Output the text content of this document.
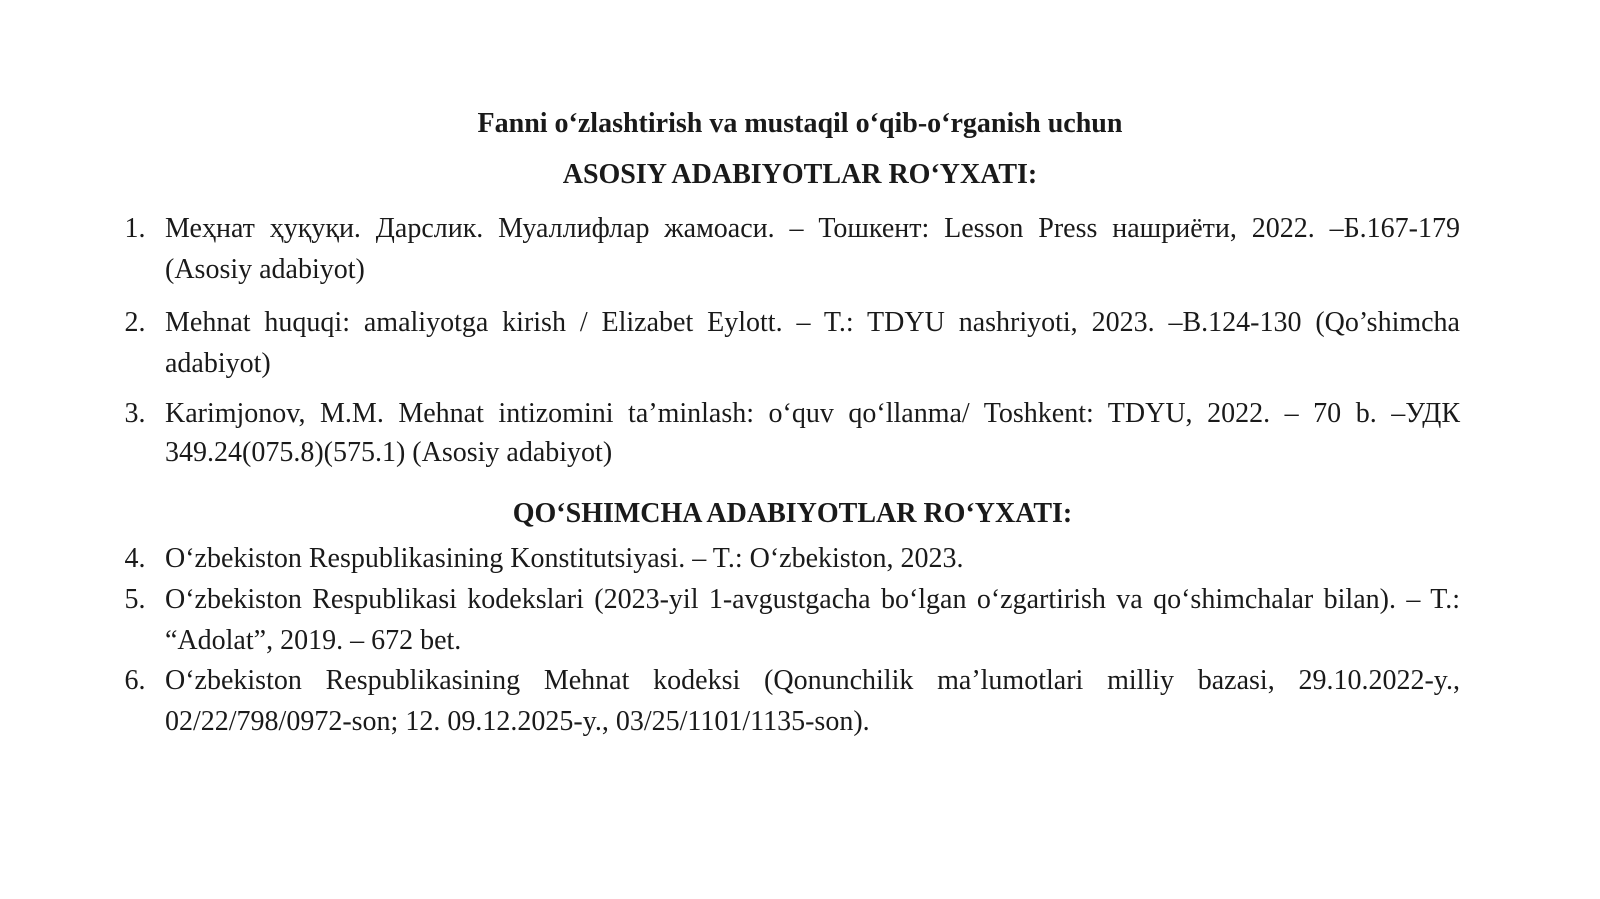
Fanni o‘zlashtirish va mustaqil o‘qib-o‘rganish uchun
ASOSIY ADABIYOTLAR RO‘YXATI:
1. Меҳнат ҳуқуқи. Дарслик. Муаллифлар жамоаси. – Тошкент: Lesson Press нашриёти, 2022. –Б.167-179 (Asosiy adabiyot)
2. Mehnat huquqi: amaliyotga kirish / Elizabet Eylott. – T.: TDYU nashriyoti, 2023. –B.124-130 (Qo’shimcha adabiyot)
3. Karimjonov, M.M. Mehnat intizomini ta’minlash: o‘quv qo‘llanma/ Toshkent: TDYU, 2022. – 70 b. –УДК 349.24(075.8)(575.1) (Asosiy adabiyot)
QO‘SHIMCHA ADABIYOTLAR RO‘YXATI:
4. O‘zbekiston Respublikasining Konstitutsiyasi. – T.: O‘zbekiston, 2023.
5. O‘zbekiston Respublikasi kodekslari (2023-yil 1-avgustgacha bo‘lgan o‘zgartirish va qo‘shimchalar bilan). – T.: “Adolat”, 2019. – 672 bet.
6. O‘zbekiston Respublikasining Mehnat kodeksi (Qonunchilik ma’lumotlari milliy bazasi, 29.10.2022-y., 02/22/798/0972-son; 12. 09.12.2025-y., 03/25/1101/1135-son).
